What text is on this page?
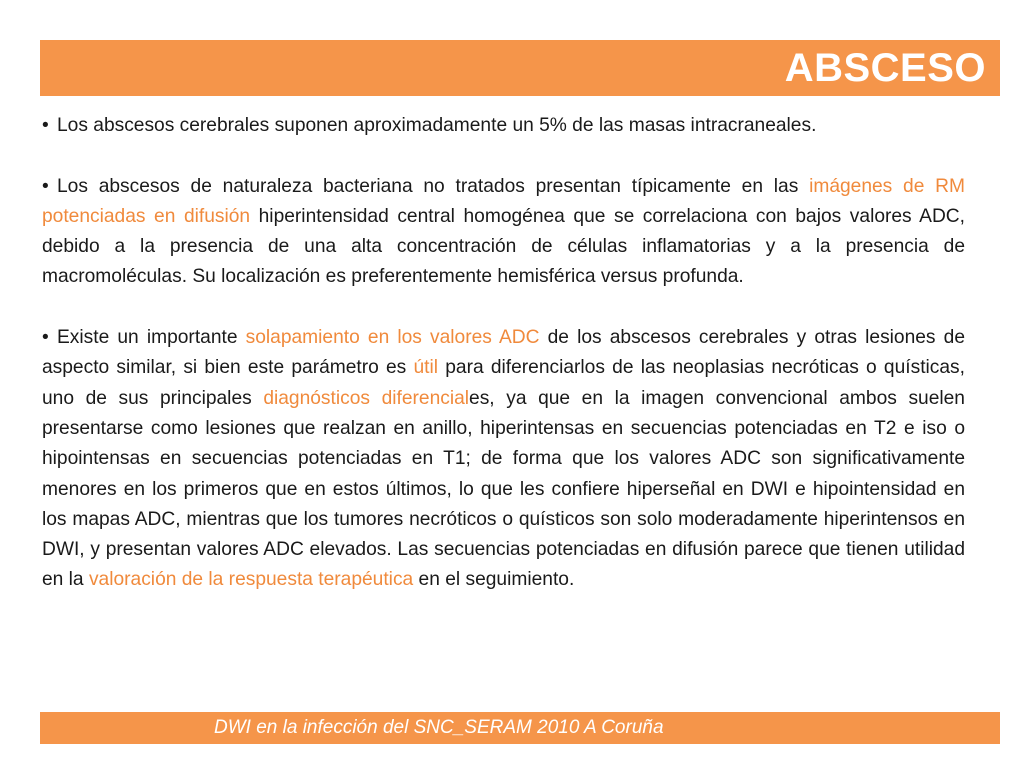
ABSCESO

• Los abscesos cerebrales suponen aproximadamente un 5% de las masas intracraneales.

• Los abscesos de naturaleza bacteriana no tratados presentan típicamente en las imágenes de RM potenciadas en difusión hiperintensidad central homogénea que se correlaciona con bajos valores ADC, debido a la presencia de una alta concentración de células inflamatorias y a la presencia de macromoléculas. Su localización es preferentemente hemisférica versus profunda.

• Existe un importante solapamiento en los valores ADC de los abscesos cerebrales y otras lesiones de aspecto similar, si bien este parámetro es útil para diferenciarlos de las neoplasias necróticas o quísticas, uno de sus principales diagnósticos diferenciales, ya que en la imagen convencional ambos suelen presentarse como lesiones que realzan en anillo, hiperintensas en secuencias potenciadas en T2 e iso o hipointensas en secuencias potenciadas en T1; de forma que los valores ADC son significativamente menores en los primeros que en estos últimos, lo que les confiere hiperseñal en DWI e hipointensidad en los mapas ADC, mientras que los tumores necróticos o quísticos son solo moderadamente hiperintensos en DWI, y presentan valores ADC elevados. Las secuencias potenciadas en difusión parece que tienen utilidad en la valoración de la respuesta terapéutica en el seguimiento.

DWI en la infección del SNC_SERAM 2010 A Coruña
